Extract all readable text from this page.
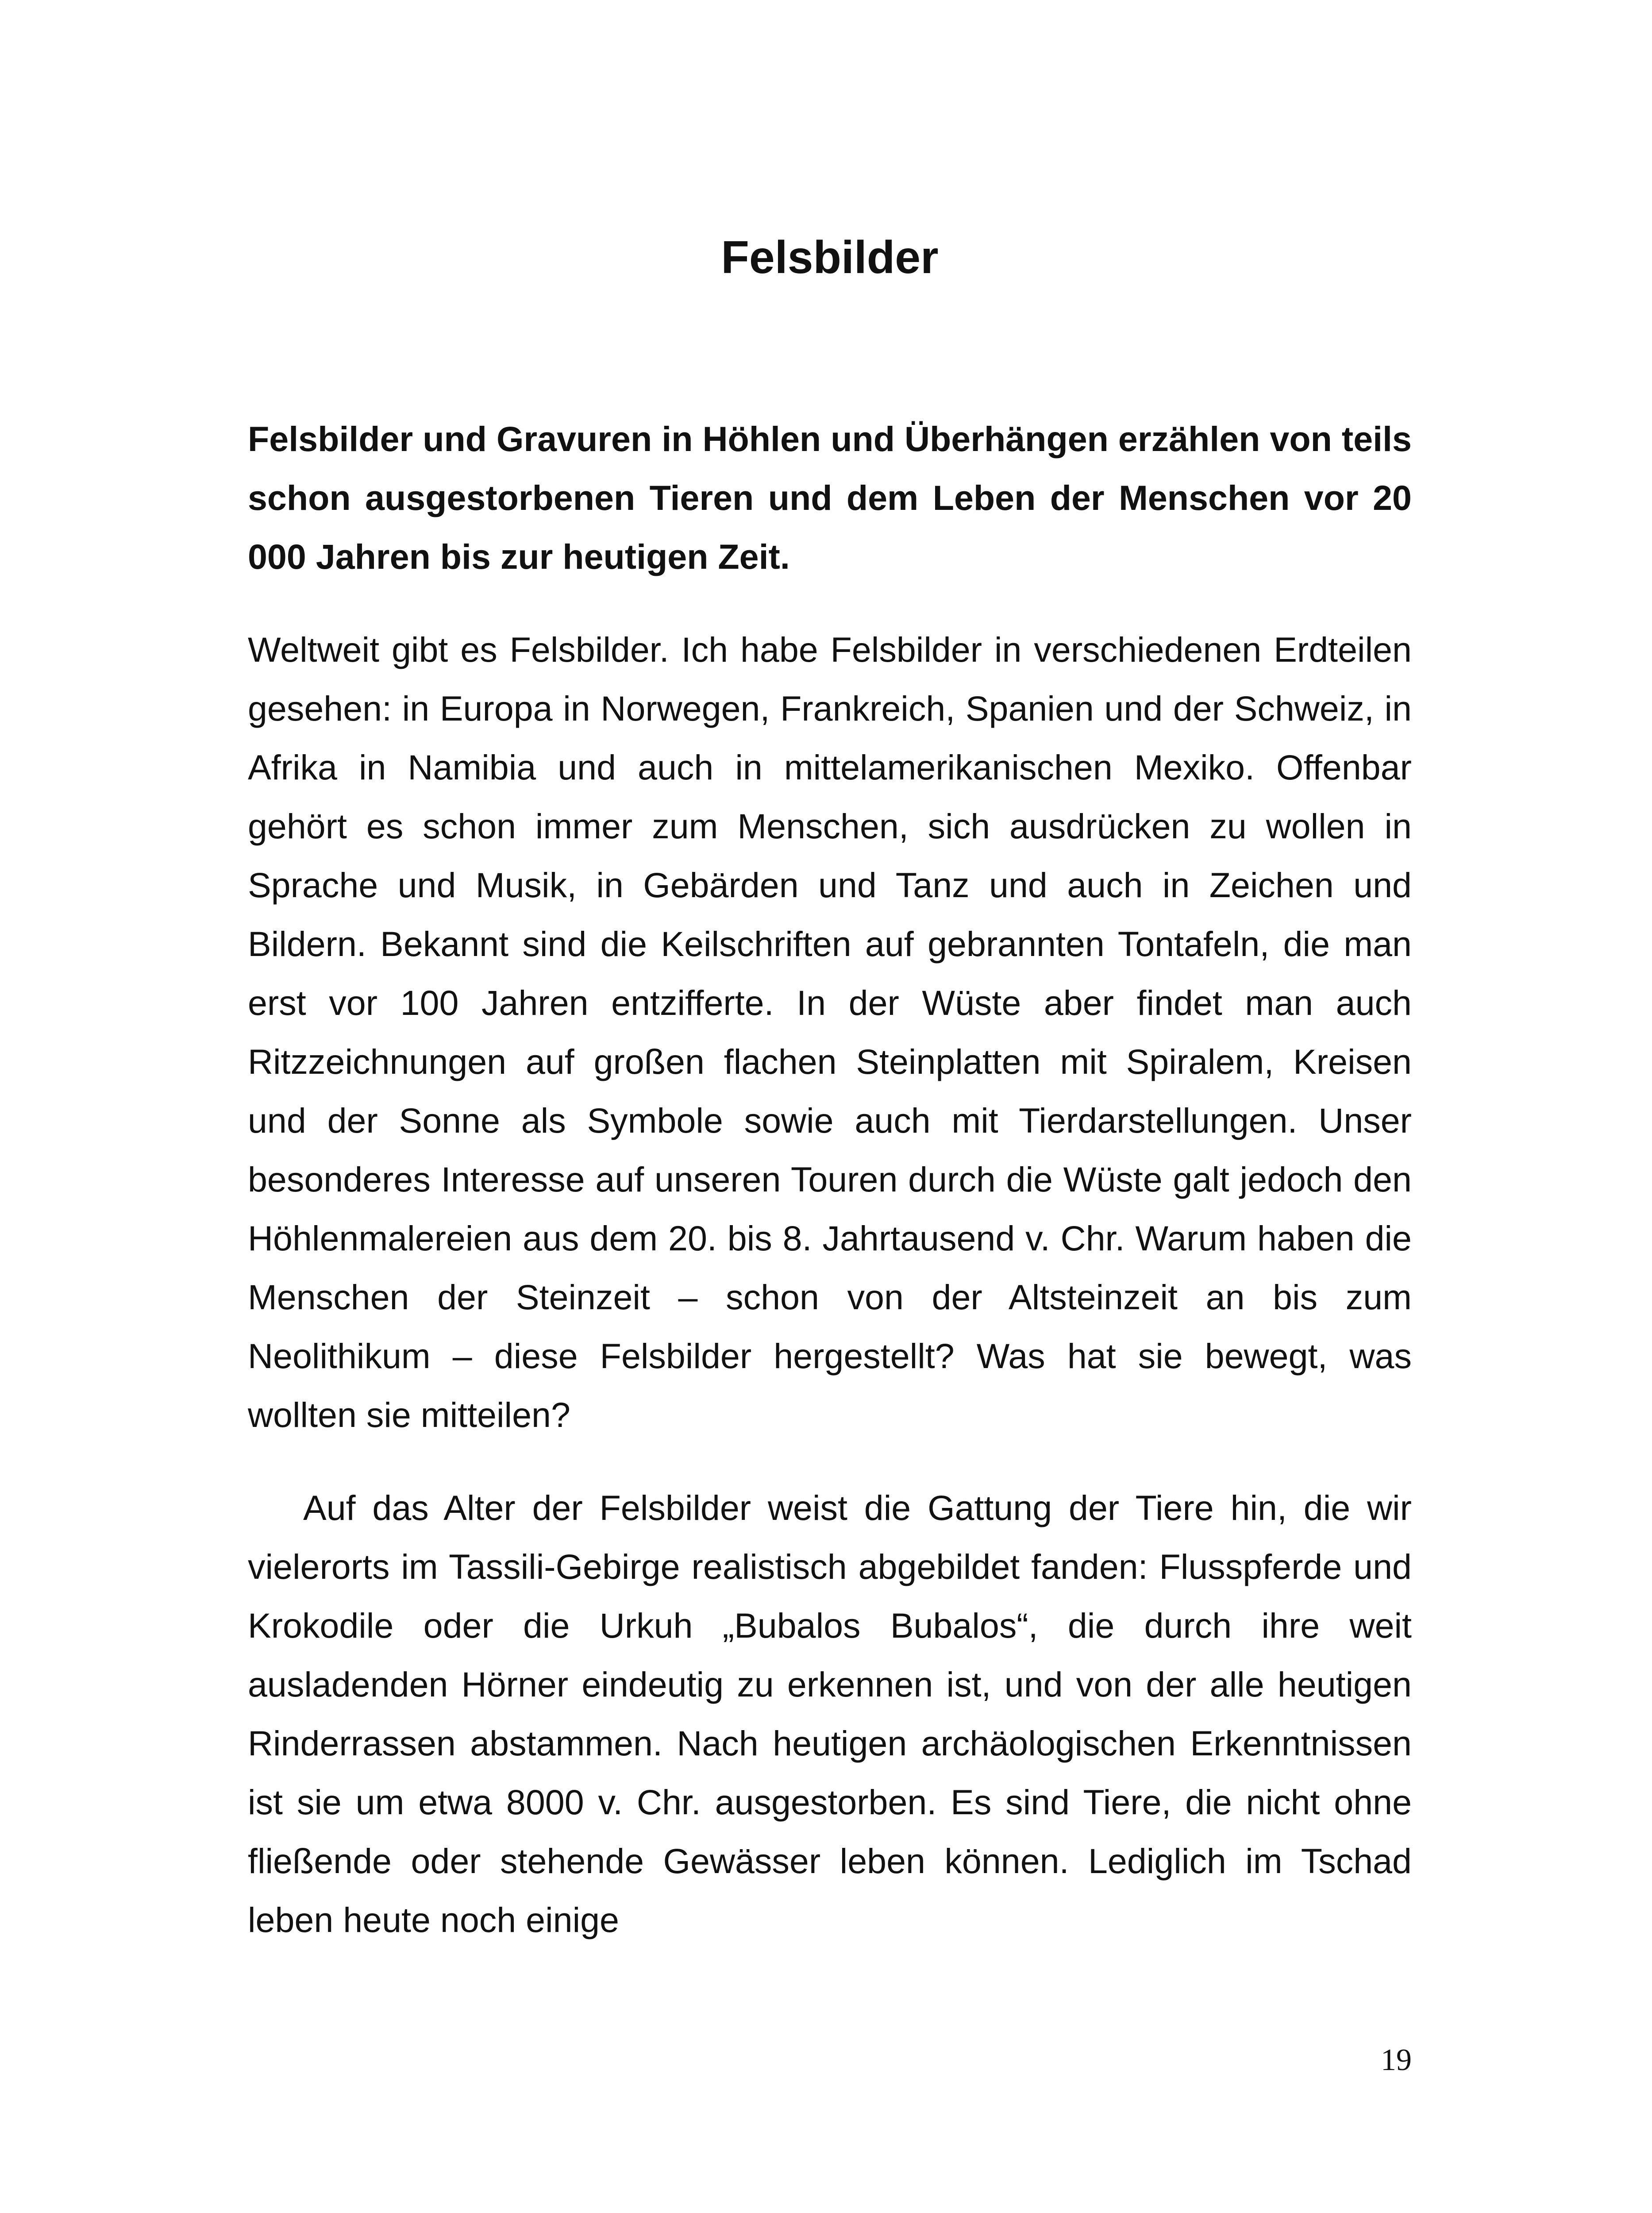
Felsbilder

Felsbilder und Gravuren in Höhlen und Überhängen erzählen von teils schon ausgestorbenen Tieren und dem Leben der Menschen vor 20 000 Jahren bis zur heutigen Zeit.

Weltweit gibt es Felsbilder. Ich habe Felsbilder in verschiedenen Erdteilen gesehen: in Europa in Norwegen, Frankreich, Spanien und der Schweiz, in Afrika in Namibia und auch in mittelamerikanischen Mexiko. Offenbar gehört es schon immer zum Menschen, sich ausdrücken zu wollen in Sprache und Musik, in Gebärden und Tanz und auch in Zeichen und Bildern. Bekannt sind die Keilschriften auf gebrannten Tontafeln, die man erst vor 100 Jahren entzifferte. In der Wüste aber findet man auch Ritzzeichnungen auf großen flachen Steinplatten mit Spiralem, Kreisen und der Sonne als Symbole sowie auch mit Tierdarstellungen. Unser besonderes Interesse auf unseren Touren durch die Wüste galt jedoch den Höhlenmalereien aus dem 20. bis 8. Jahrtausend v. Chr. Warum haben die Menschen der Steinzeit – schon von der Altsteinzeit an bis zum Neolithikum – diese Felsbilder hergestellt? Was hat sie bewegt, was wollten sie mitteilen?

Auf das Alter der Felsbilder weist die Gattung der Tiere hin, die wir vielerorts im Tassili-Gebirge realistisch abgebildet fanden: Flusspferde und Krokodile oder die Urkuh „Bubalos Bubalos“, die durch ihre weit ausladenden Hörner eindeutig zu erkennen ist, und von der alle heutigen Rinderrassen abstammen. Nach heutigen archäologischen Erkenntnissen ist sie um etwa 8000 v. Chr. ausgestorben. Es sind Tiere, die nicht ohne fließende oder stehende Gewässer leben können. Lediglich im Tschad leben heute noch einige

19
